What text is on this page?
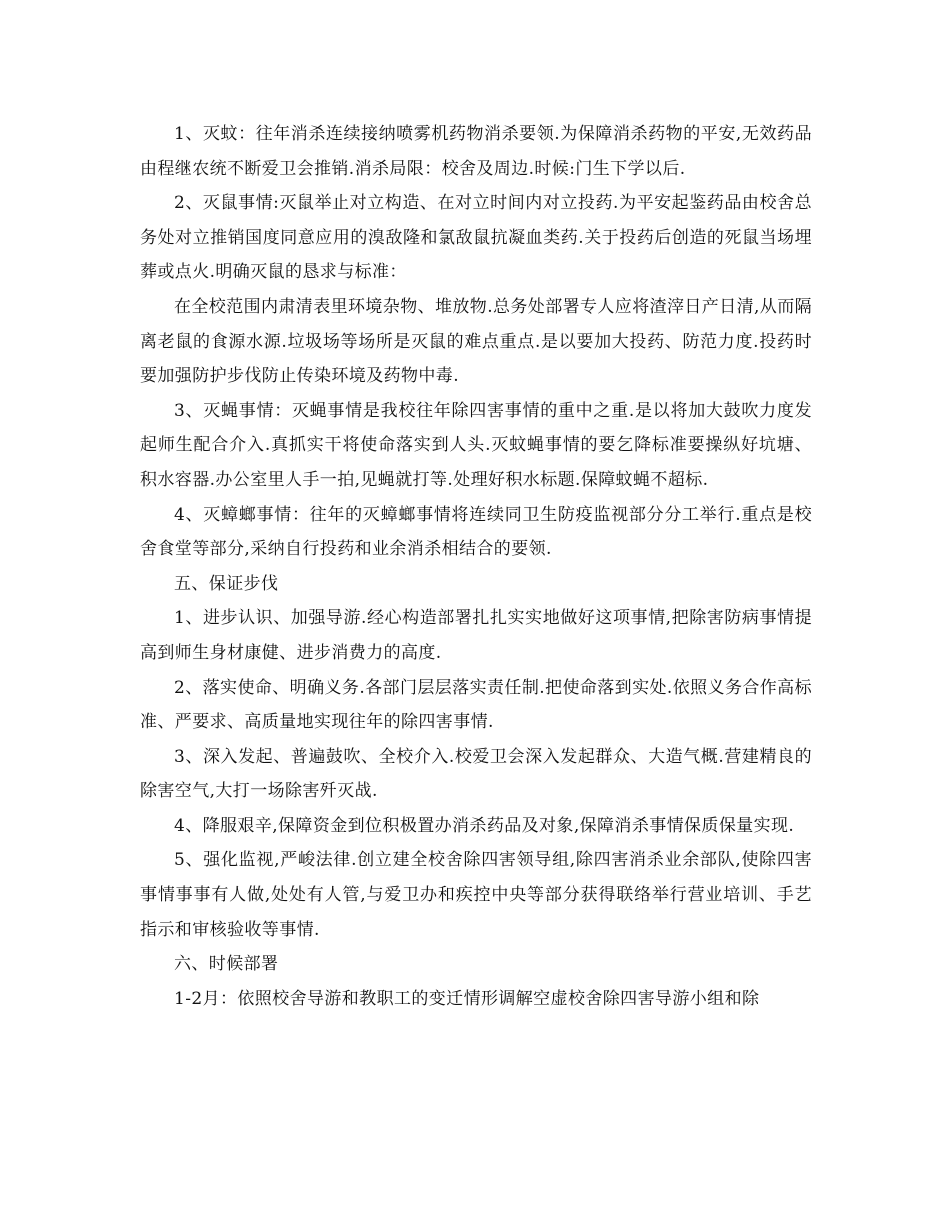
1、灭蚊：往年消杀连续接纳喷雾机药物消杀要领.为保障消杀药物的平安,无效药品由程继农统不断爱卫会推销.消杀局限：校舍及周边.时候:门生下学以后.

2、灭鼠事情:灭鼠举止对立构造、在对立时间内对立投药.为平安起鉴药品由校舍总务处对立推销国度同意应用的溴敌隆和氯敌鼠抗凝血类药.关于投药后创造的死鼠当场埋葬或点火.明确灭鼠的恳求与标准：

在全校范围内肃清表里环境杂物、堆放物.总务处部署专人应将渣滓日产日清,从而隔离老鼠的食源水源.垃圾场等场所是灭鼠的难点重点.是以要加大投药、防范力度.投药时要加强防护步伐防止传染环境及药物中毒.

3、灭蝇事情：灭蝇事情是我校往年除四害事情的重中之重.是以将加大鼓吹力度发起师生配合介入.真抓实干将使命落实到人头.灭蚊蝇事情的要乞降标准要操纵好坑塘、积水容器.办公室里人手一拍,见蝇就打等.处理好积水标题.保障蚊蝇不超标.

4、灭蟑螂事情：往年的灭蟑螂事情将连续同卫生防疫监视部分分工举行.重点是校舍食堂等部分,采纳自行投药和业余消杀相结合的要领.

五、保证步伐

1、进步认识、加强导游.经心构造部署扎扎实实地做好这项事情,把除害防病事情提高到师生身材康健、进步消费力的高度.

2、落实使命、明确义务.各部门层层落实责任制.把使命落到实处.依照义务合作高标准、严要求、高质量地实现往年的除四害事情.

3、深入发起、普遍鼓吹、全校介入.校爱卫会深入发起群众、大造气概.营建精良的除害空气,大打一场除害歼灭战.

4、降服艰辛,保障资金到位积极置办消杀药品及对象,保障消杀事情保质保量实现.

5、强化监视,严峻法律.创立建全校舍除四害领导组,除四害消杀业余部队,使除四害事情事事有人做,处处有人管,与爱卫办和疾控中央等部分获得联络举行营业培训、手艺指示和审核验收等事情.

六、时候部署

1-2月：依照校舍导游和教职工的变迁情形调解空虚校舍除四害导游小组和除
